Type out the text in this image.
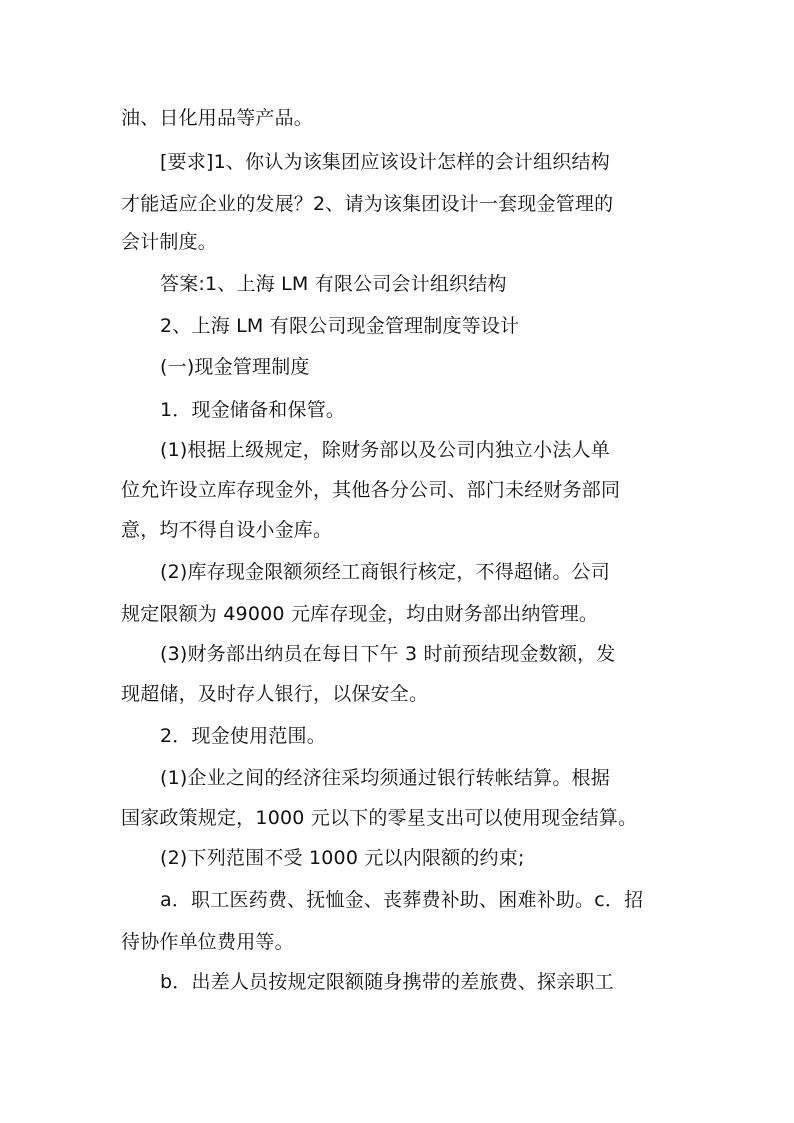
油、日化用品等产品。

[要求]1、你认为该集团应该设计怎样的会计组织结构

才能适应企业的发展？2、请为该集团设计一套现金管理的

会计制度。

答案:1、上海 LM 有限公司会计组织结构

2、上海 LM 有限公司现金管理制度等设计

(一)现金管理制度

1．现金储备和保管。

(1)根据上级规定，除财务部以及公司内独立小法人单

位允许设立库存现金外，其他各分公司、部门未经财务部同

意，均不得自设小金库。

(2)库存现金限额须经工商银行核定，不得超储。公司

规定限额为 49000 元库存现金，均由财务部出纳管理。

(3)财务部出纳员在每日下午 3 时前预结现金数额，发

现超储，及时存人银行，以保安全。

2．现金使用范围。

(1)企业之间的经济往采均须通过银行转帐结算。根据

国家政策规定，1000 元以下的零星支出可以使用现金结算。

(2)下列范围不受 1000 元以内限额的约束;

a．职工医药费、抚恤金、丧葬费补助、困难补助。c．招

待协作单位费用等。

b．出差人员按规定限额随身携带的差旅费、探亲职工
